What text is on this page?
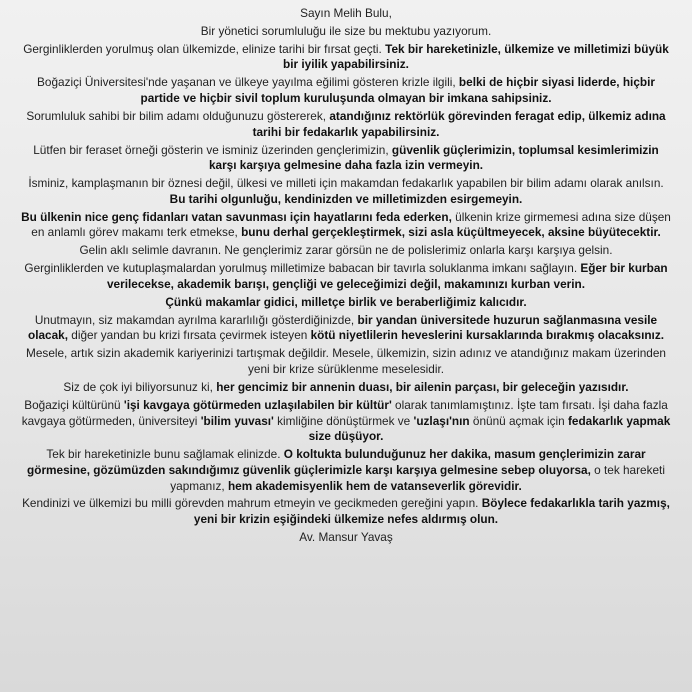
Sayın Melih Bulu,

Bir yönetici sorumluluğu ile size bu mektubu yazıyorum.

Gerginliklerden yorulmuş olan ülkemizde, elinize tarihi bir fırsat geçti. Tek bir hareketinizle, ülkemize ve milletimizi büyük bir iyilik yapabilirsiniz.

Boğaziçi Üniversitesi'nde yaşanan ve ülkeye yayılma eğilimi gösteren krizle ilgili, belki de hiçbir siyasi liderde, hiçbir partide ve hiçbir sivil toplum kuruluşunda olmayan bir imkana sahipsiniz.

Sorumluluk sahibi bir bilim adamı olduğunuzu göstererek, atandığınız rektörlük görevinden feragat edip, ülkemiz adına tarihi bir fedakarlık yapabilirsiniz.

Lütfen bir feraset örneği gösterin ve isminiz üzerinden gençlerimizin, güvenlik güçlerimizin, toplumsal kesimlerimizin karşı karşıya gelmesine daha fazla izin vermeyin.

İsminiz, kamplaşmanın bir öznesi değil, ülkesi ve milleti için makamdan fedakarlık yapabilen bir bilim adamı olarak anılsın. Bu tarihi olgunluğu, kendinizden ve milletimizden esirgemeyin.

Bu ülkenin nice genç fidanları vatan savunması için hayatlarını feda ederken, ülkenin krize girmemesi adına size düşen en anlamlı görev makamı terk etmekse, bunu derhal gerçekleştirmek, sizi asla küçültmeyecek, aksine büyütecektir.

Gelin aklı selimle davranın. Ne gençlerimiz zarar görsün ne de polislerimiz onlarla karşı karşıya gelsin.

Gerginliklerden ve kutuplaşmalardan yorulmuş milletimize babacan bir tavırla soluklanma imkanı sağlayın. Eğer bir kurban verilecekse, akademik barışı, gençliği ve geleceğimizi değil, makamınızı kurban verin.

Çünkü makamlar gidici, milletçe birlik ve beraberliğimiz kalıcıdır.

Unutmayın, siz makamdan ayrılma kararlılığı gösterdiğinizde, bir yandan üniversitede huzurun sağlanmasına vesile olacak, diğer yandan bu krizi fırsata çevirmek isteyen kötü niyetlilerin heveslerini kursaklarında bırakmış olacaksınız.

Mesele, artık sizin akademik kariyerinizi tartışmak değildir. Mesele, ülkemizin, sizin adınız ve atandığınız makam üzerinden yeni bir krize sürüklenme meselesidir.

Siz de çok iyi biliyorsunuz ki, her gencimiz bir annenin duası, bir ailenin parçası, bir geleceğin yazısıdır.

Boğaziçi kültürünü 'işi kavgaya götürmeden uzlaşılabilen bir kültür' olarak tanımlamıştınız. İşte tam fırsatı. İşi daha fazla kavgaya götürmeden, üniversiteyi 'bilim yuvası' kimliğine dönüştürmek ve 'uzlaşı'nın önünü açmak için fedakarlık yapmak size düşüyor.

Tek bir hareketinizle bunu sağlamak elinizde. O koltukta bulunduğunuz her dakika, masum gençlerimizin zarar görmesine, gözümüzden sakındığımız güvenlik güçlerimizle karşı karşıya gelmesine sebep oluyorsa, o tek hareketi yapmanız, hem akademisyenlik hem de vatanseverlik görevidir.

Kendinizi ve ülkemizi bu milli görevden mahrum etmeyin ve gecikmeden gereğini yapın. Böylece fedakarlıkla tarih yazmış, yeni bir krizin eşiğindeki ülkemize nefes aldırmış olun.

Av. Mansur Yavaş
